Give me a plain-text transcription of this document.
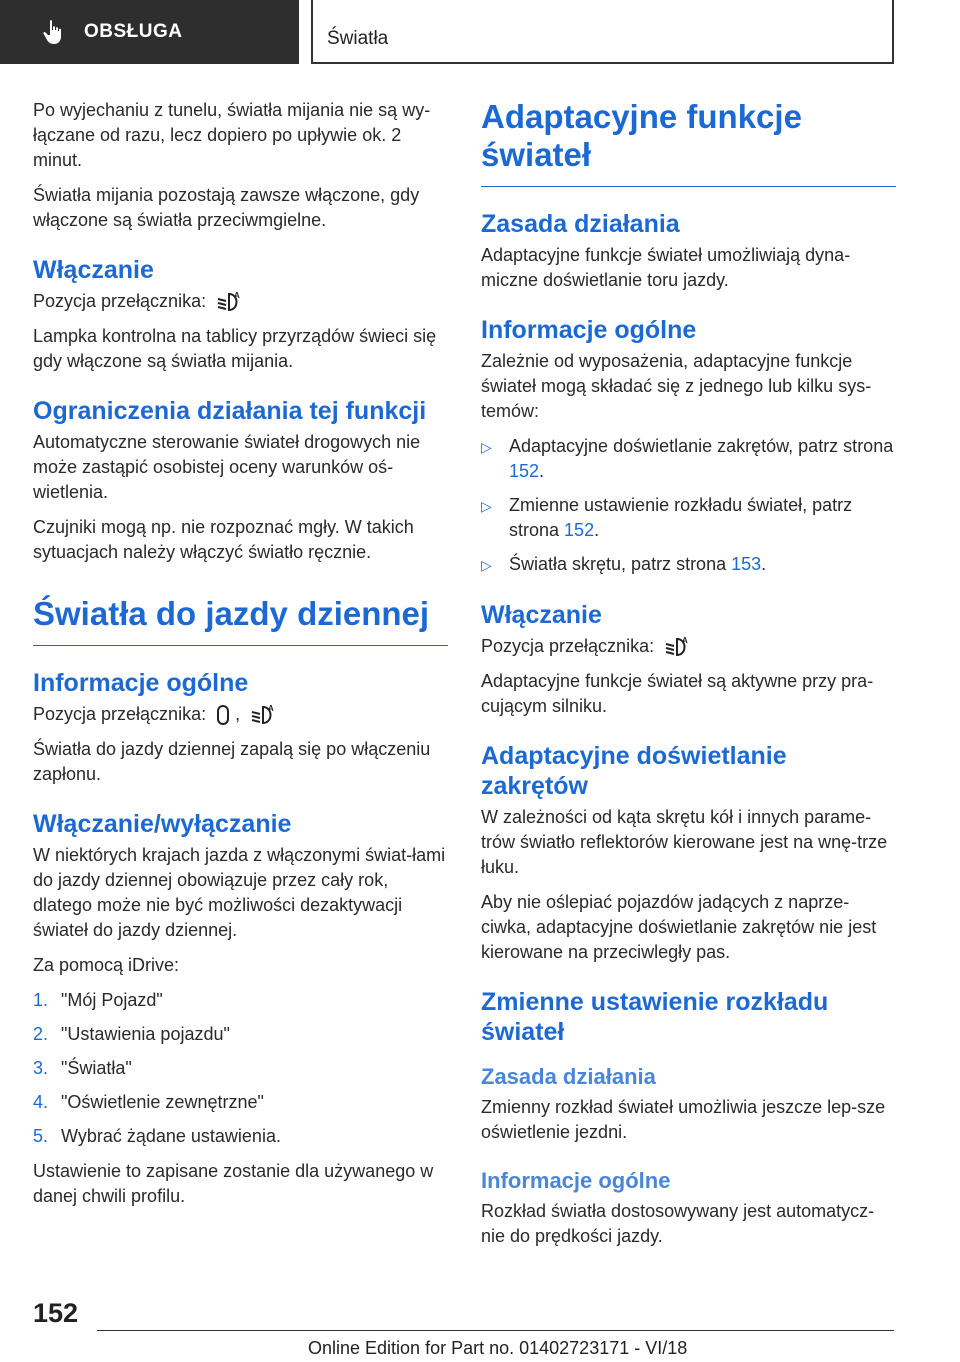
OBSŁUGA	Światła

Po wyjechaniu z tunelu, światła mijania nie są wy‐łączane od razu, lecz dopiero po upływie ok. 2 minut.

Światła mijania pozostają zawsze włączone, gdy włączone są światła przeciwmgielne.

Włączanie

Pozycja przełącznika:	A

Lampka kontrolna na tablicy przyrządów świeci się gdy włączone są światła mijania.

Ograniczenia działania tej funkcji

Automatyczne sterowanie świateł drogowych nie może zastąpić osobistej oceny warunków oś‐wietlenia.

Czujniki mogą np. nie rozpoznać mgły. W takich sytuacjach należy włączyć światło ręcznie.

Światła do jazdy dziennej
Informacje ogólne

Pozycja przełącznika: ,	A

Światła do jazdy dziennej zapalą się po włączeniu zapłonu.

Włączanie/wyłączanie

W niektórych krajach jazda z włączonymi świat‐łami do jazdy dziennej obowiązuje przez cały rok, dlatego może nie być możliwości dezaktywacji świateł do jazdy dziennej.

Za pomocą iDrive:

1. "Mój Pojazd"
2. "Ustawienia pojazdu"
3. "Światła"
4. "Oświetlenie zewnętrzne"
5. Wybrać żądane ustawienia.

Ustawienie to zapisane zostanie dla używanego w danej chwili profilu.

Adaptacyjne funkcje świateł
Zasada działania

Adaptacyjne funkcje świateł umożliwiają dyna‐miczne doświetlanie toru jazdy.

Informacje ogólne

Zależnie od wyposażenia, adaptacyjne funkcje świateł mogą składać się z jednego lub kilku sys‐temów:

▷ Adaptacyjne doświetlanie zakrętów, patrz strona 152.
▷ Zmienne ustawienie rozkładu świateł, patrz strona 152.
▷ Światła skrętu, patrz strona 153.
Włączanie

Pozycja przełącznika:	A

Adaptacyjne funkcje świateł są aktywne przy pra‐cującym silniku.

Adaptacyjne doświetlanie zakrętów

W zależności od kąta skrętu kół i innych parame‐trów światło reflektorów kierowane jest na wnę‐trze łuku.

Aby nie oślepiać pojazdów jadących z naprze‐ciwka, adaptacyjne doświetlanie zakrętów nie jest kierowane na przeciwległy pas.

Zmienne ustawienie rozkładu świateł
Zasada działania

Zmienny rozkład świateł umożliwia jeszcze lep‐sze oświetlenie jezdni.

Informacje ogólne

Rozkład światła dostosowywany jest automatycz‐nie do prędkości jazdy.

152
Online Edition for Part no. 01402723171 - VI/18
